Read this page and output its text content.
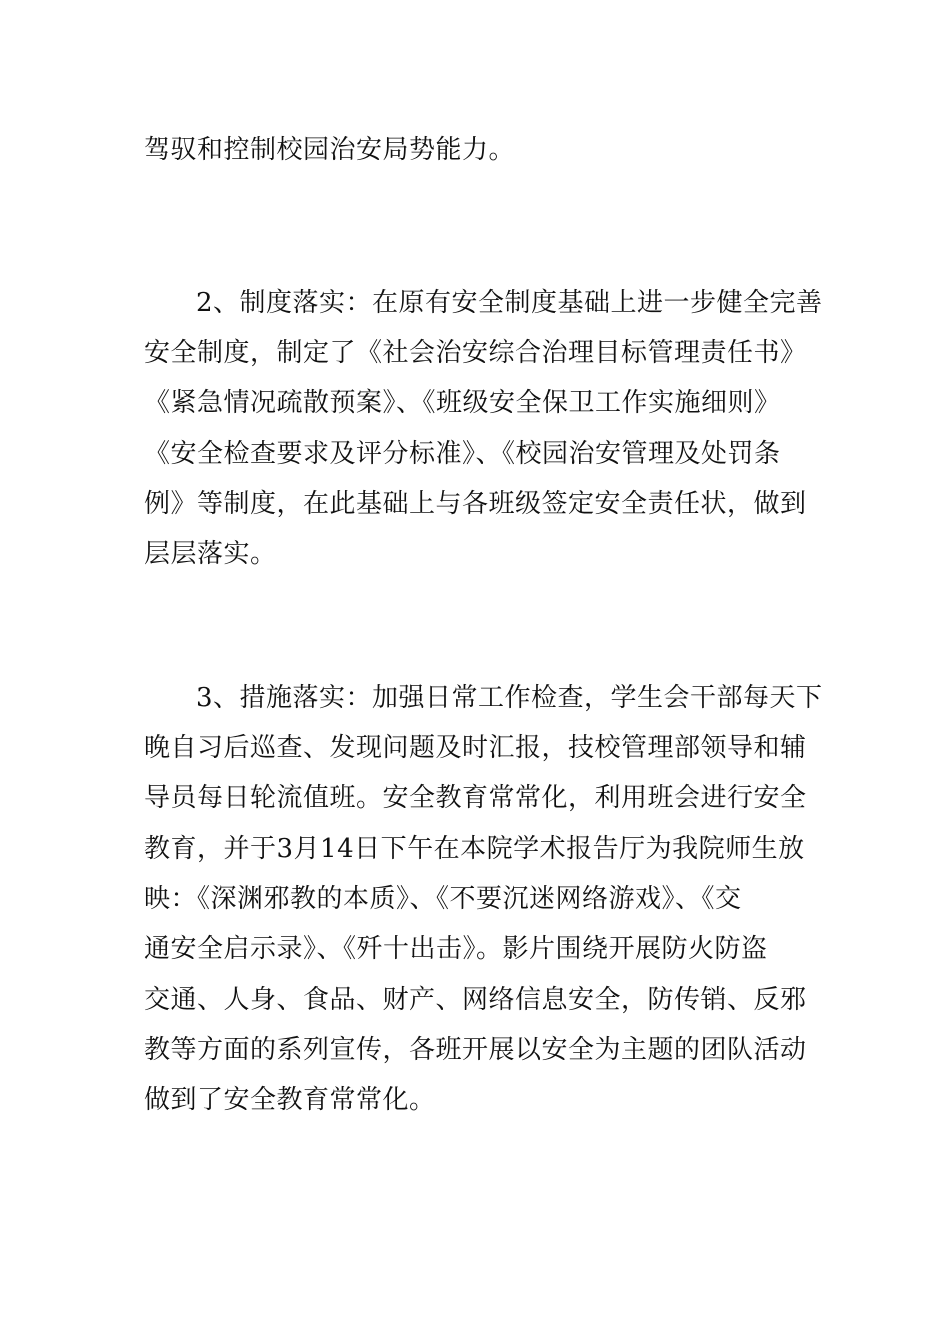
驾驭和控制校园治安局势能力。
2、制度落实：在原有安全制度基础上进一步健全完善
安全制度，制定了《社会治安综合治理目标管理责任书》
《紧急情况疏散预案》、《班级安全保卫工作实施细则》
《安全检查要求及评分标准》、《校园治安管理及处罚条
例》等制度，在此基础上与各班级签定安全责任状，做到
层层落实。
3、措施落实：加强日常工作检查，学生会干部每天下
晚自习后巡查、发现问题及时汇报，技校管理部领导和辅
导员每日轮流值班。安全教育常常化，利用班会进行安全
教育，并于3月14日下午在本院学术报告厅为我院师生放
映：《深渊邪教的本质》、《不要沉迷网络游戏》、《交
通安全启示录》、《歼十出击》。影片围绕开展防火防盗
交通、人身、食品、财产、网络信息安全，防传销、反邪
教等方面的系列宣传，各班开展以安全为主题的团队活动
做到了安全教育常常化。
